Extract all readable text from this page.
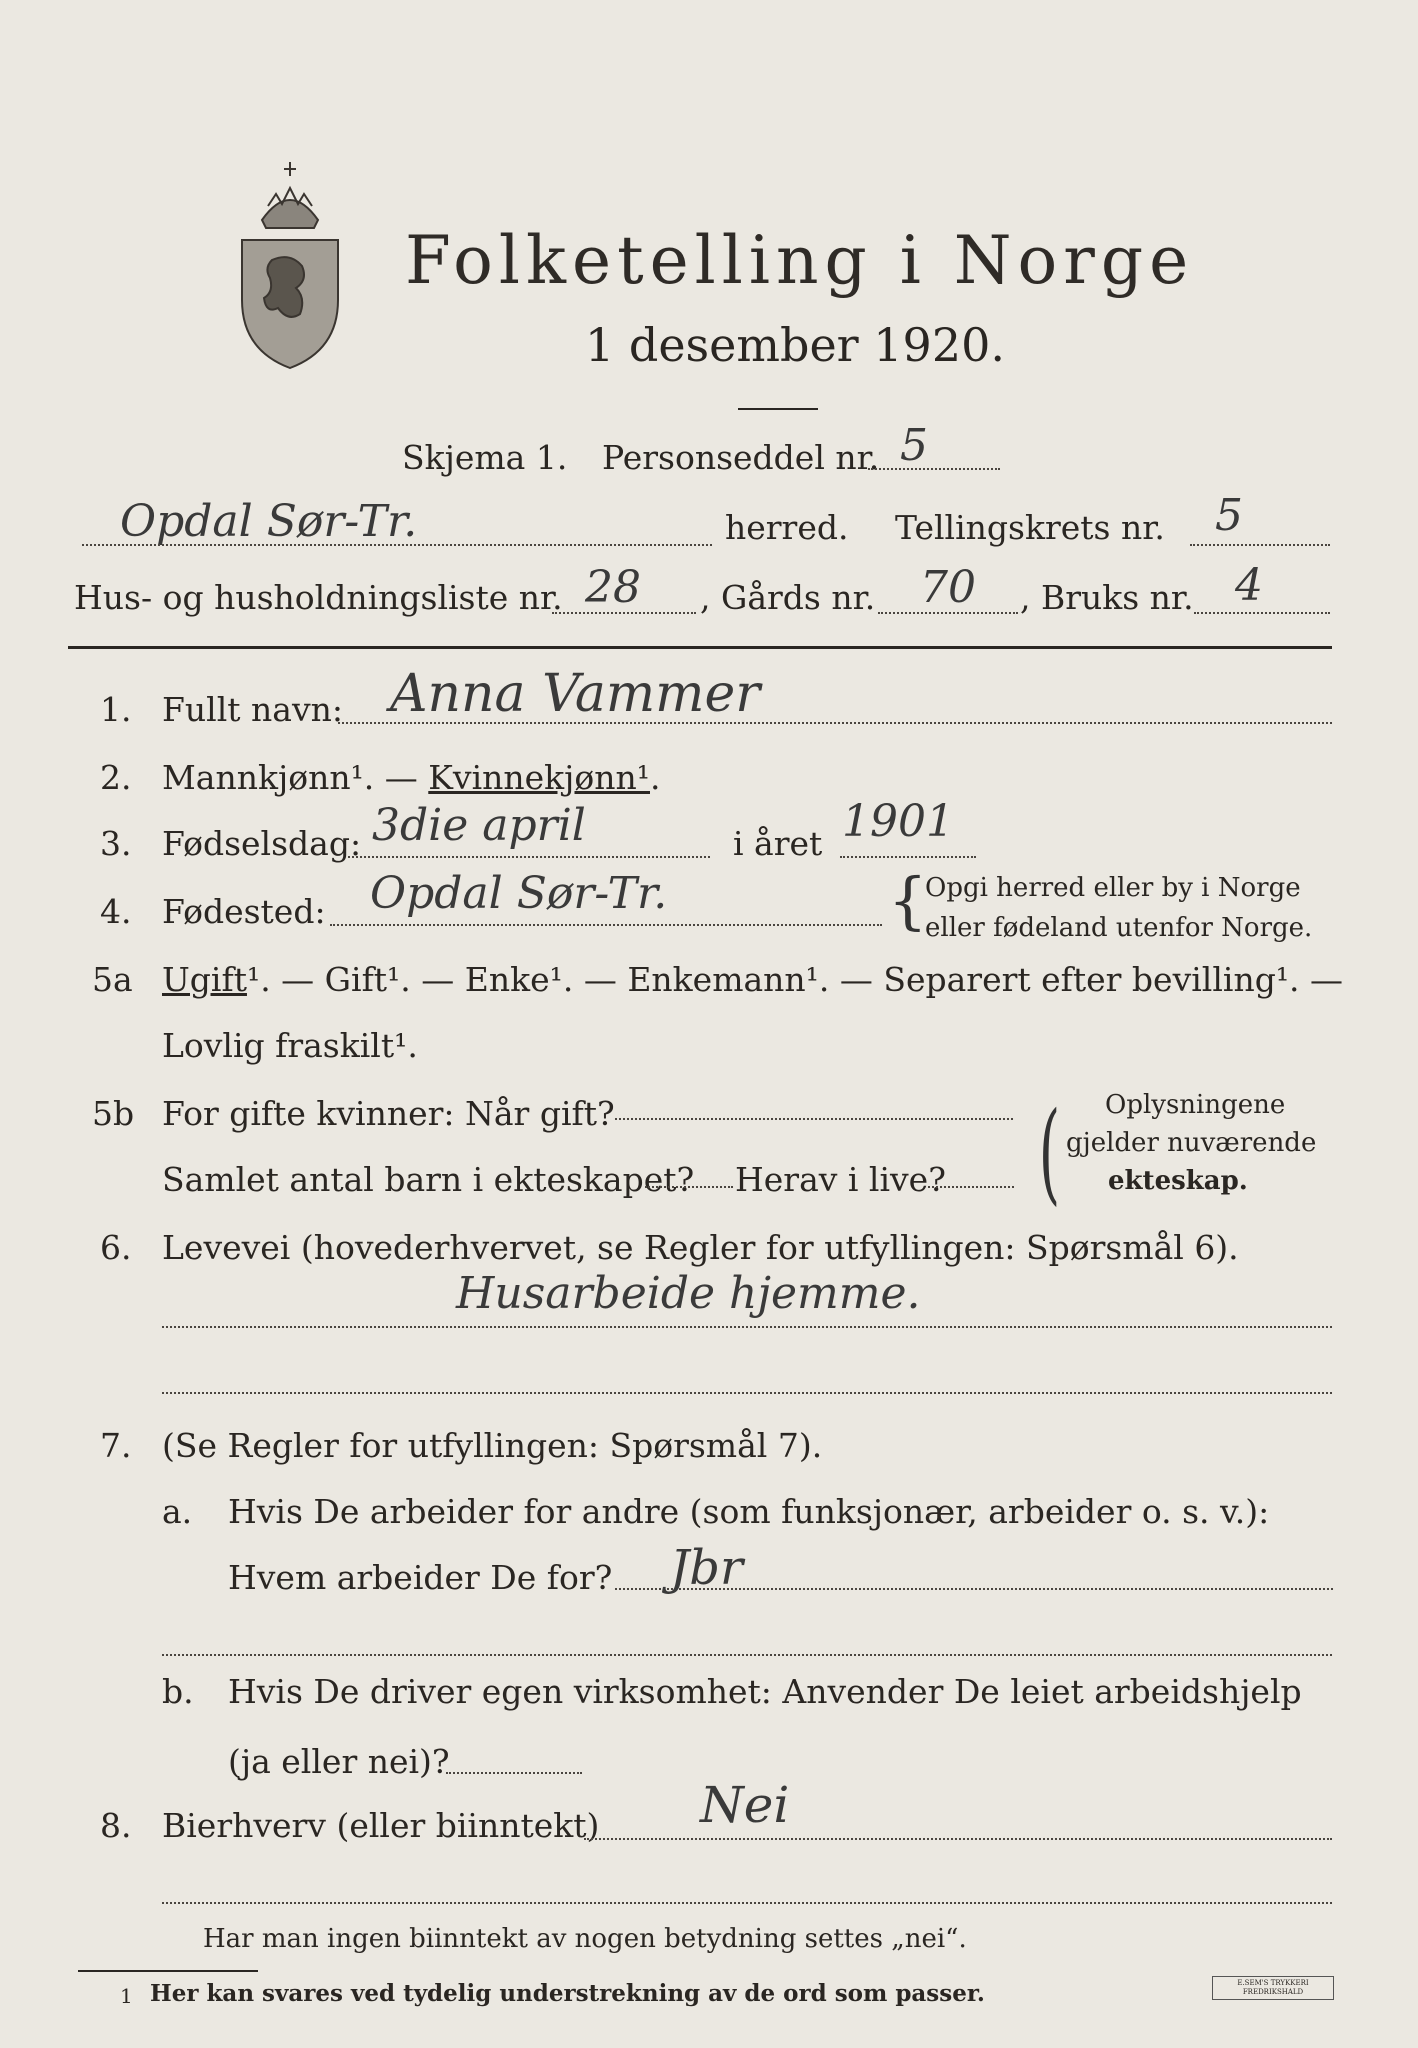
Folketelling i Norge
1 desember 1920.
Skjema 1. Personseddel nr. 5
Opdal Sør-Tr.	herred. Tellingskrets nr. 5
Hus- og husholdningsliste nr. 28 , Gårds nr. 70 , Bruks nr. 4
1. Fullt navn: Anna Vammer
2. Mannkjønn¹. — Kvinnekjønn¹.
3. Fødselsdag: 3die april	i året 1901
4. Fødested: Opdal Sør-Tr.	{
Opgi herred eller by i Norge
eller fødeland utenfor Norge.
5a Ugift¹. — Gift¹. — Enke¹. — Enkemann¹. — Separert efter bevilling¹. —
Lovlig fraskilt¹.
5b For gifte kvinner: Når gift?
Samlet antal barn i ekteskapet? Herav i live? ( Oplysningene
gjelder nuværende
ekteskap.
6. Levevei (hovederhvervet, se Regler for utfyllingen: Spørsmål 6).
Husarbeide hjemme.
7. (Se Regler for utfyllingen: Spørsmål 7).
a. Hvis De arbeider for andre (som funksjonær, arbeider o. s. v.):
Hvem arbeider De for? Jbr
b. Hvis De driver egen virksomhet: Anvender De leiet arbeidshjelp
(ja eller nei)?
8. Bierhverv (eller biinntekt) Nei
Har man ingen biinntekt av nogen betydning settes „nei“.
1 Her kan svares ved tydelig understrekning av de ord som passer.	E.SEM'S TRYKKERI FREDRIKSHALD
